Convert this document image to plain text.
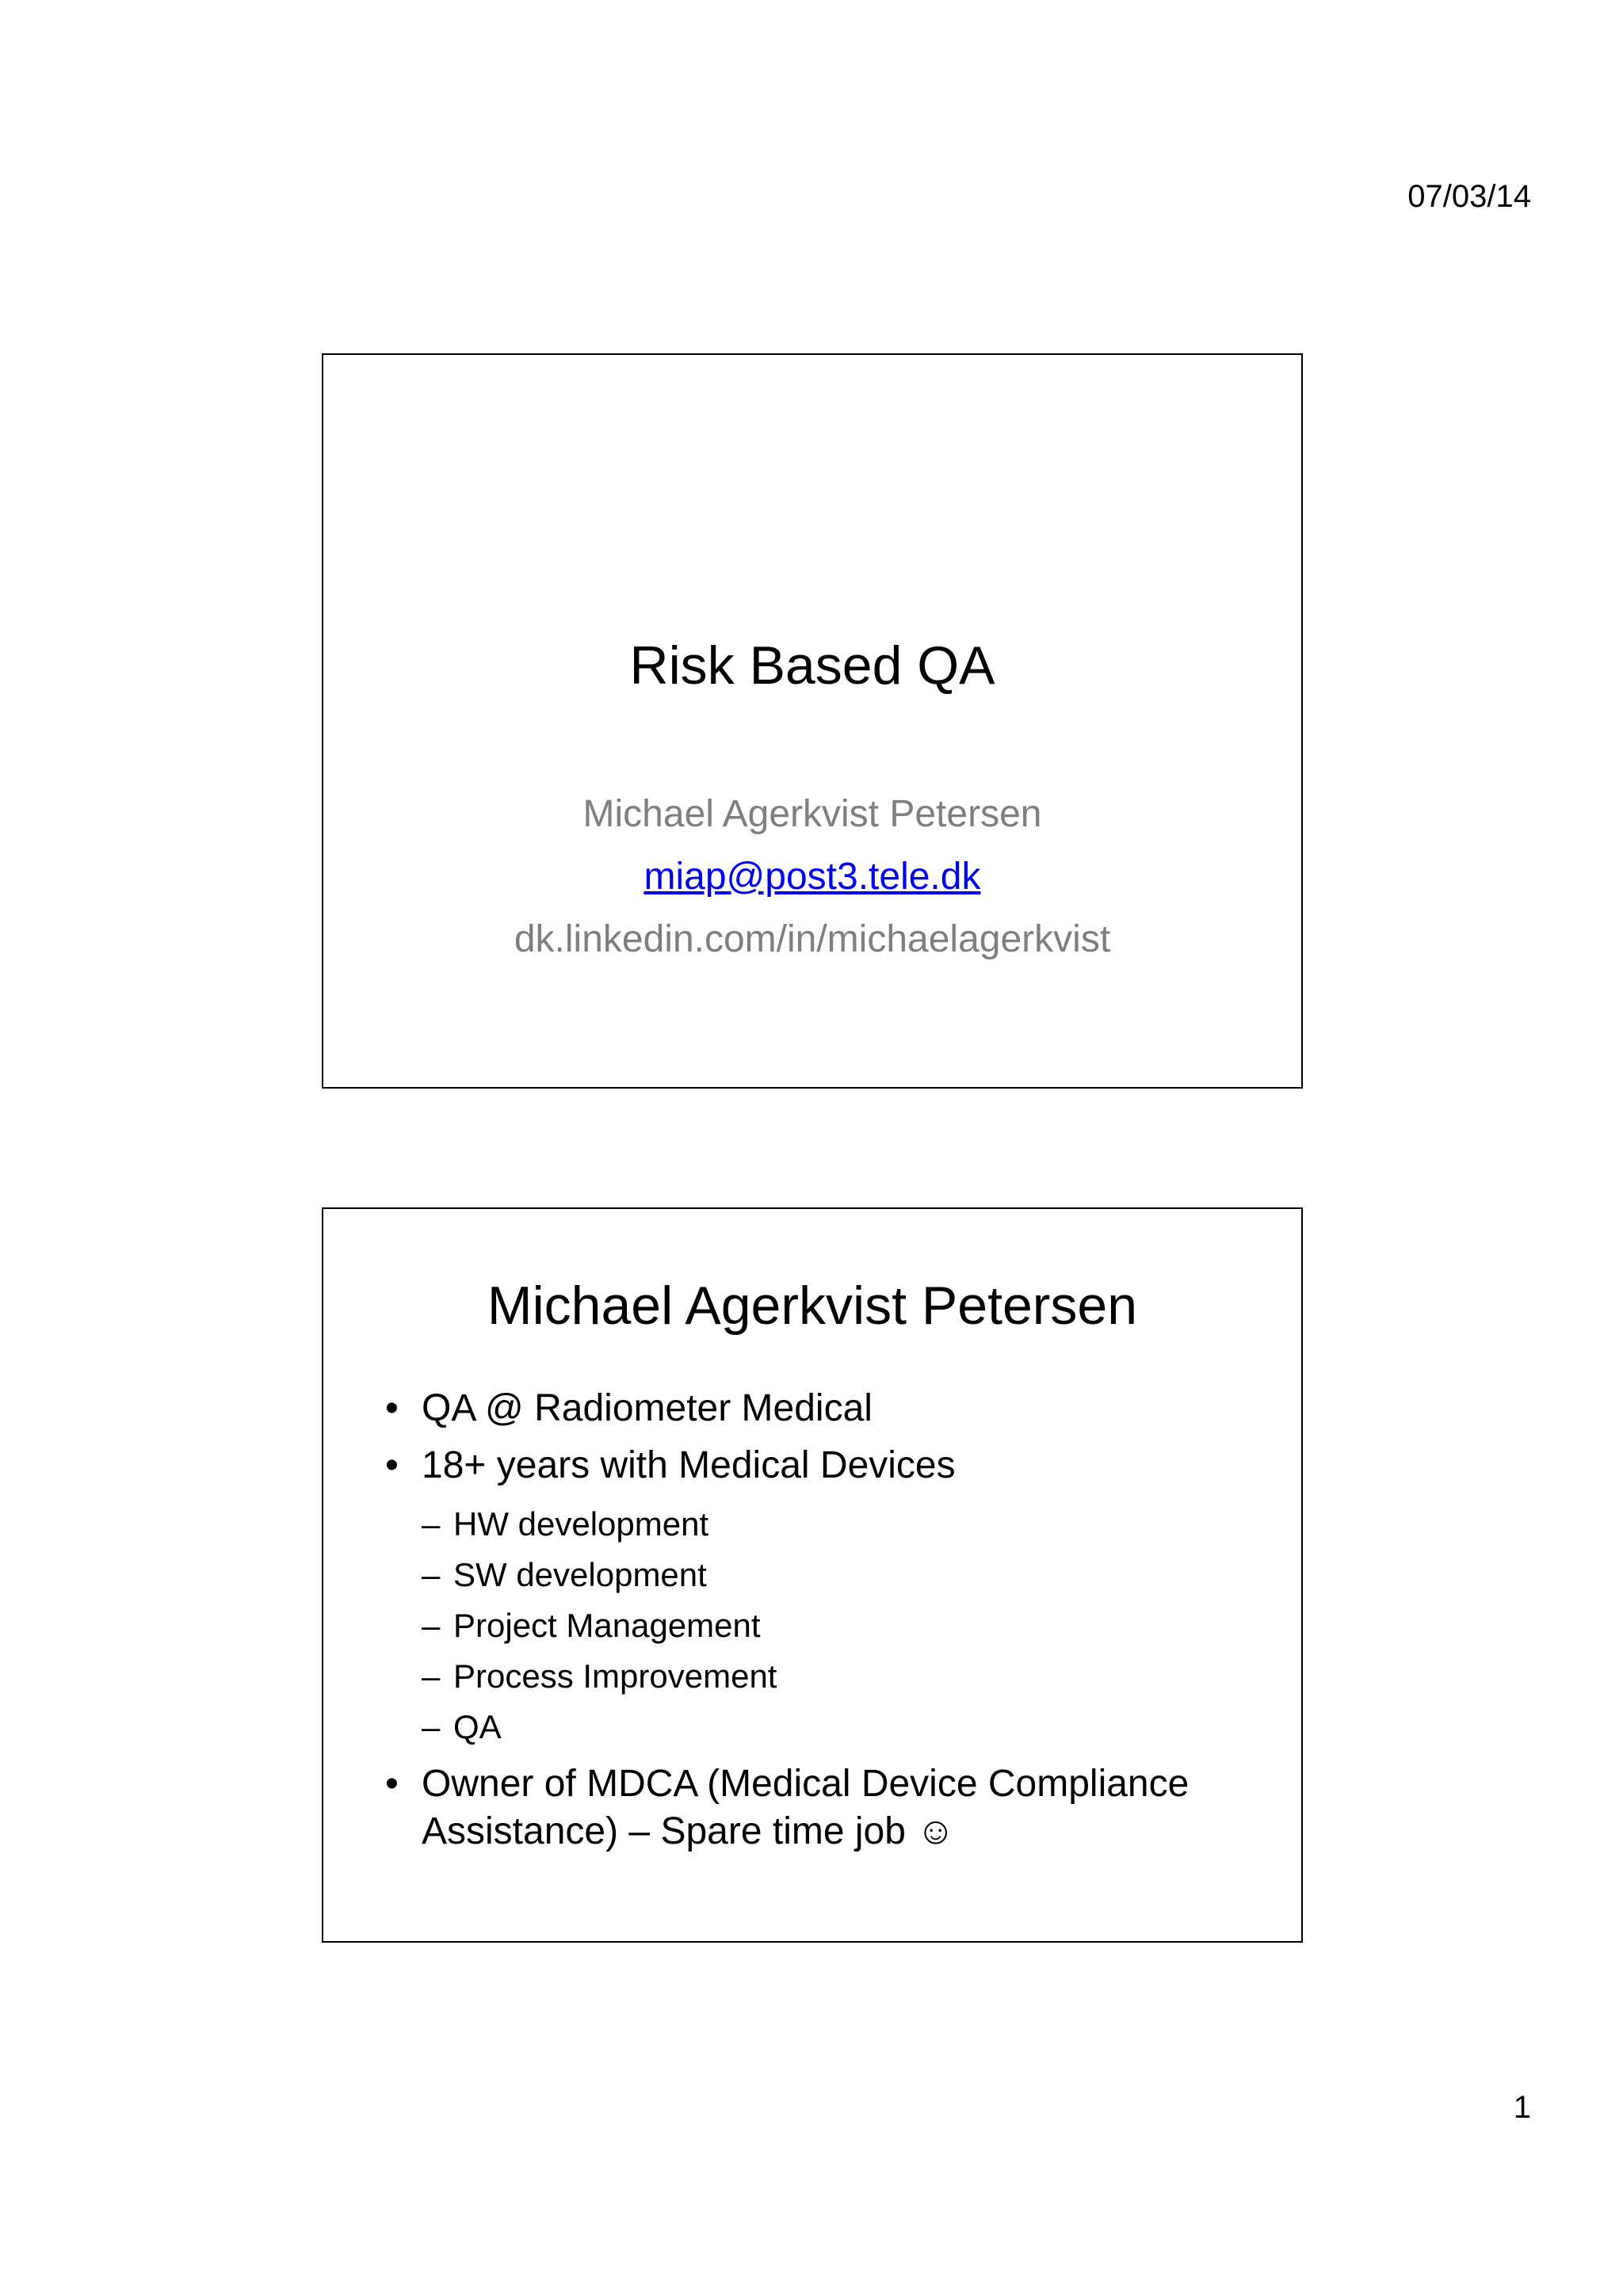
07/03/14
Risk Based QA
Michael Agerkvist Petersen
miap@post3.tele.dk
dk.linkedin.com/in/michaelagerkvist
Michael Agerkvist Petersen
• QA @ Radiometer Medical
• 18+ years with Medical Devices
– HW development
– SW development
– Project Management
– Process Improvement
– QA
• Owner of MDCA (Medical Device Compliance Assistance) – Spare time job ☺
1
